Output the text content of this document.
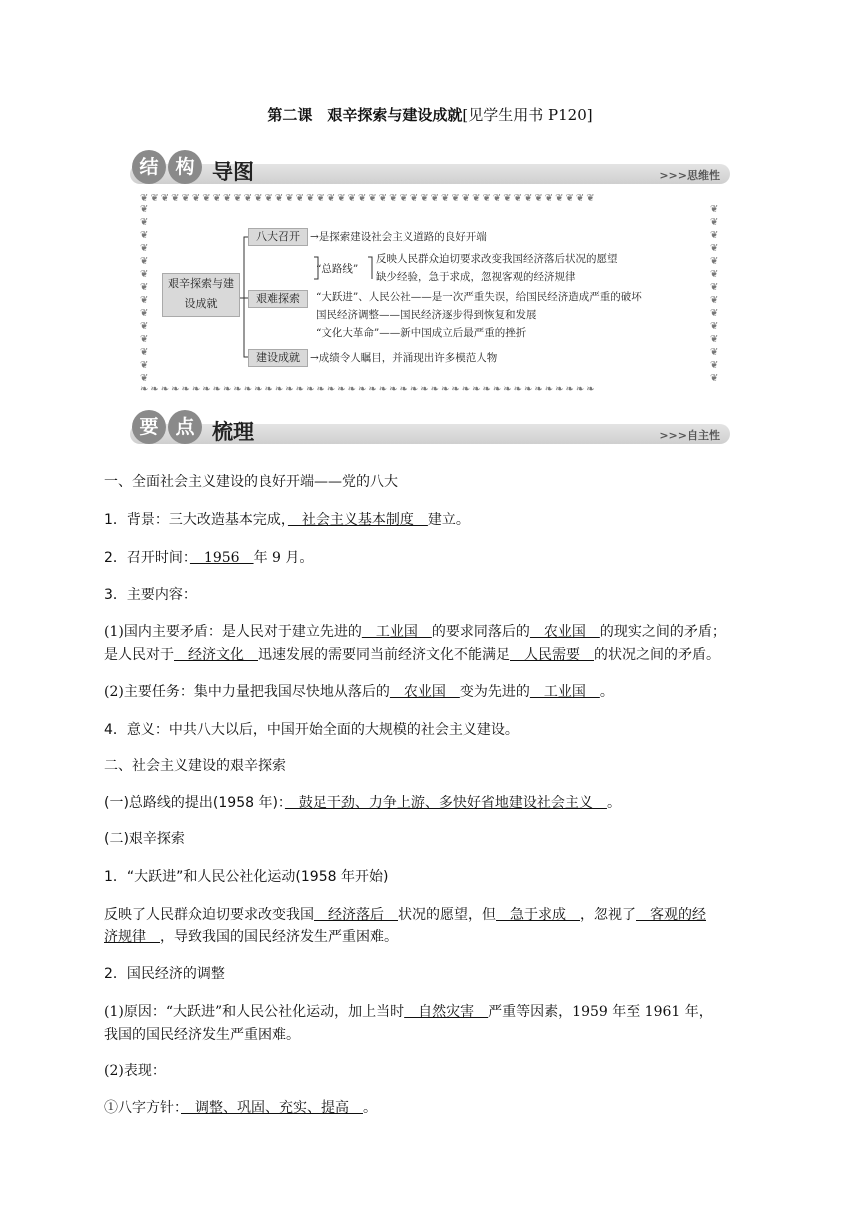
第二课　艰辛探索与建设成就[见学生用书 P120]
结 构 导图	>>>思维性
❦❦❦❦❦❦❦❦❦❦❦❦❦❦❦❦❦❦❦❦❦❦❦❦❦❦❦❦❦❦❦❦❦❦❦❦❦❦❦❦❦❦❦❦
❧❧❧❧❧❧❧❧❧❧❧❧❧❧❧❧❧❧❧❧❧❧❧❧❧❧❧❧❧❧❧❧❧❧❧❧❧❧❧❧❧❧❧❧
❦
❦
❦
❦
❦
❦
❦
❦
❦
❦
❦
❦
❦
❦
❦
❦
❦
❦
❦
❦
❦
❦
❦
❦
❦
❦
❦
❦
艰辛探索与建设成就
八大召开 →是探索建设社会主义道路的良好开端
艰难探索
“总路线”
反映人民群众迫切要求改变我国经济落后状况的愿望
缺少经验，急于求成，忽视客观的经济规律
“大跃进”、人民公社——是一次严重失误，给国民经济造成严重的破坏
国民经济调整——国民经济逐步得到恢复和发展
“文化大革命”——新中国成立后最严重的挫折
建设成就 →成绩令人瞩目，并涌现出许多模范人物
要 点 梳理	>>>自主性
一、全面社会主义建设的良好开端——党的八大
1．背景：三大改造基本完成，　社会主义基本制度　建立。
2．召开时间：　1956　年 9 月。
3．主要内容：
(1)国内主要矛盾：是人民对于建立先进的　工业国　的要求同落后的　农业国　的现实之间的矛盾；
是人民对于　经济文化　迅速发展的需要同当前经济文化不能满足　人民需要　的状况之间的矛盾。
(2)主要任务：集中力量把我国尽快地从落后的　农业国　变为先进的　工业国　。
4．意义：中共八大以后，中国开始全面的大规模的社会主义建设。
二、社会主义建设的艰辛探索
(一)总路线的提出(1958 年)：　鼓足干劲、力争上游、多快好省地建设社会主义　。
(二)艰辛探索
1．“大跃进”和人民公社化运动(1958 年开始)
反映了人民群众迫切要求改变我国　经济落后　状况的愿望，但　急于求成　，忽视了　客观的经
济规律　，导致我国的国民经济发生严重困难。
2．国民经济的调整
(1)原因：“大跃进”和人民公社化运动，加上当时　自然灾害　严重等因素，1959 年至 1961 年，
我国的国民经济发生严重困难。
(2)表现：
①八字方针：　调整、巩固、充实、提高　。
